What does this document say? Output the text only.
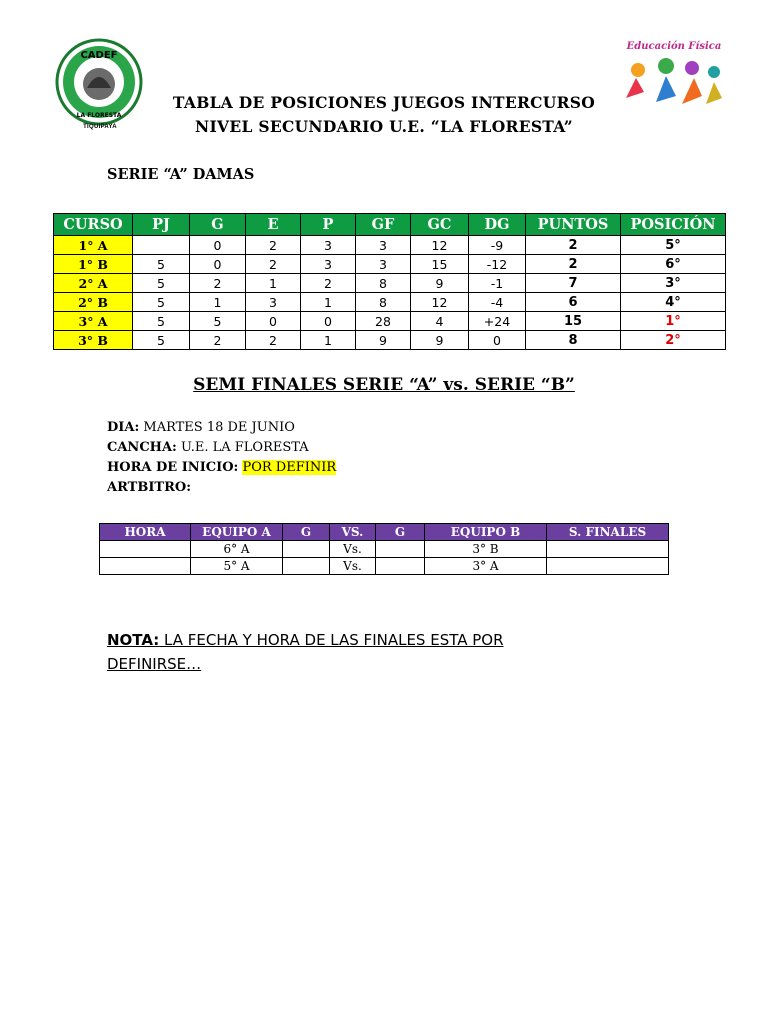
CADEF
LA FLORESTA
TIQUIPAYA
Educación Física
TABLA DE POSICIONES JUEGOS INTERCURSO
NIVEL SECUNDARIO U.E. “LA FLORESTA”
SERIE “A” DAMAS
CURSO	PJ	G	E	P	GF	GC	DG	PUNTOS	POSICIÓN
1° A		0	2	3	3	12	-9	2	5°
1° B	5	0	2	3	3	15	-12	2	6°
2° A	5	2	1	2	8	9	-1	7	3°
2° B	5	1	3	1	8	12	-4	6	4°
3° A	5	5	0	0	28	4	+24	15	1°
3° B	5	2	2	1	9	9	0	8	2°
SEMI FINALES SERIE “A” vs. SERIE “B”
DIA: MARTES 18 DE JUNIO
CANCHA: U.E. LA FLORESTA
HORA DE INICIO: POR DEFINIR
ARTBITRO:
HORA	EQUIPO A	G	VS.	G	EQUIPO B	S. FINALES
	6° A		Vs.		3° B	
	5° A		Vs.		3° A	
NOTA: LA FECHA Y HORA DE LAS FINALES ESTA POR DEFINIRSE…
